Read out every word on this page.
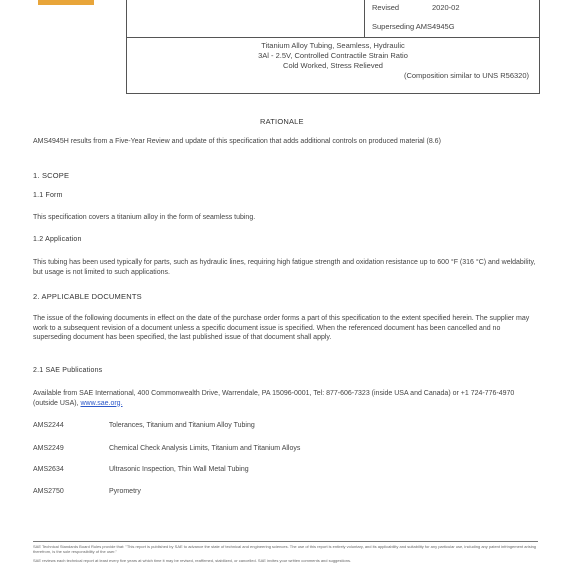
Revised	2020-02
Superseding AMS4945G
Titanium Alloy Tubing, Seamless, Hydraulic
3Al - 2.5V, Controlled Contractile Strain Ratio
Cold Worked, Stress Relieved
(Composition similar to UNS R56320)
RATIONALE
AMS4945H results from a Five-Year Review and update of this specification that adds additional controls on produced material (8.6)
1. SCOPE
1.1 Form
This specification covers a titanium alloy in the form of seamless tubing.
1.2 Application
This tubing has been used typically for parts, such as hydraulic lines, requiring high fatigue strength and oxidation resistance up to 600 °F (316 °C) and weldability, but usage is not limited to such applications.
2. APPLICABLE DOCUMENTS
The issue of the following documents in effect on the date of the purchase order forms a part of this specification to the extent specified herein. The supplier may work to a subsequent revision of a document unless a specific document issue is specified. When the referenced document has been cancelled and no superseding document has been specified, the last published issue of that document shall apply.
2.1 SAE Publications
Available from SAE International, 400 Commonwealth Drive, Warrendale, PA 15096-0001, Tel: 877-606-7323 (inside USA and Canada) or +1 724-776-4970 (outside USA), www.sae.org.
AMS2244	Tolerances, Titanium and Titanium Alloy Tubing
AMS2249	Chemical Check Analysis Limits, Titanium and Titanium Alloys
AMS2634	Ultrasonic Inspection, Thin Wall Metal Tubing
AMS2750	Pyrometry
SAE Technical Standards Board Rules provide that: "This report is published by SAE to advance the state of technical and engineering sciences. The use of this report is entirely voluntary, and its applicability and suitability for any particular use, including any patent infringement arising therefrom, is the sole responsibility of the user."
SAE reviews each technical report at least every five years at which time it may be revised, reaffirmed, stabilized, or cancelled. SAE invites your written comments and suggestions.
